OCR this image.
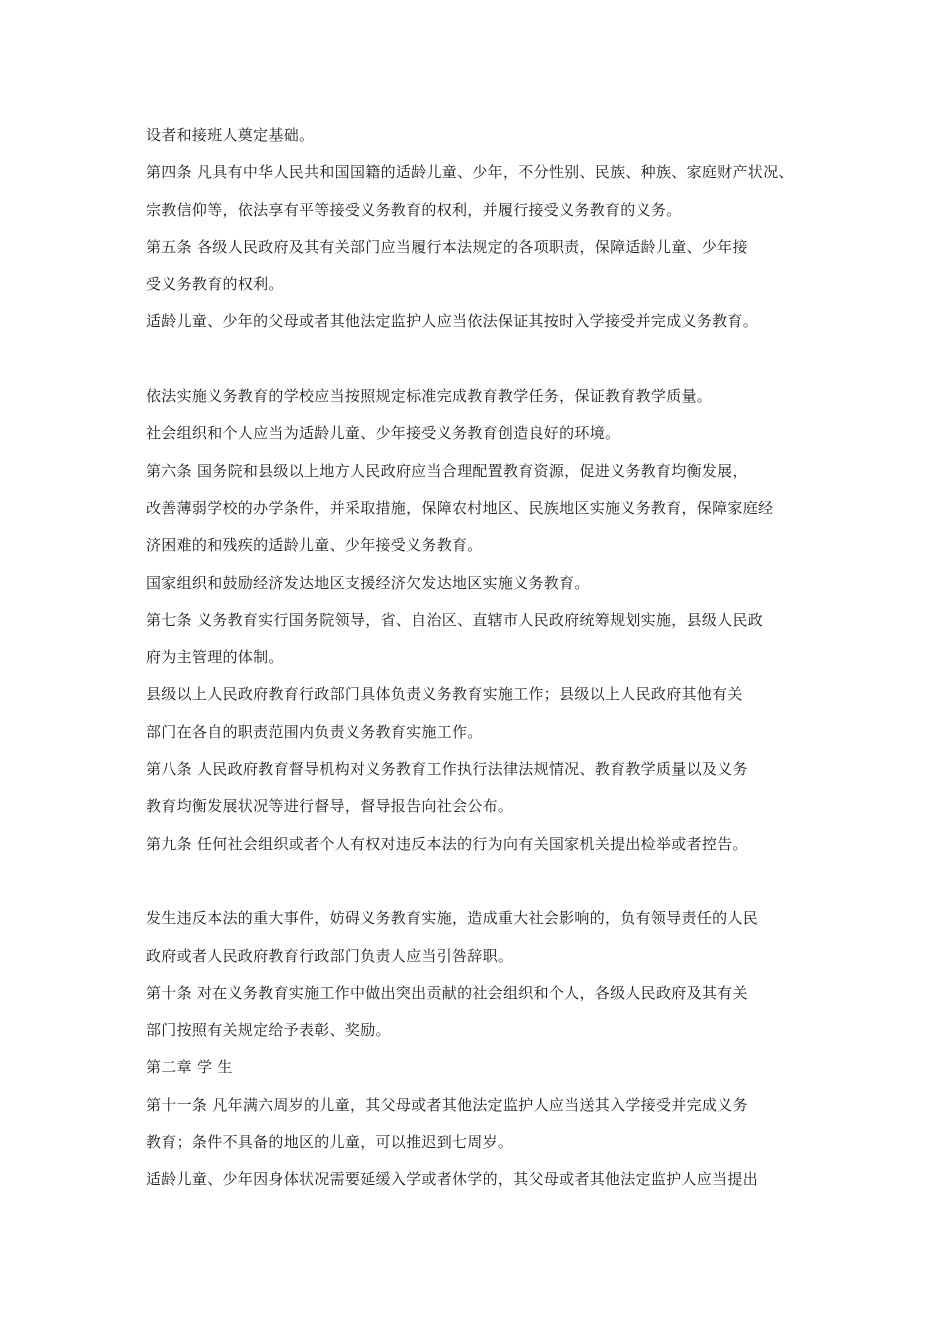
设者和接班人奠定基础。
第四条 凡具有中华人民共和国国籍的适龄儿童、少年，不分性别、民族、种族、家庭财产状况、
宗教信仰等，依法享有平等接受义务教育的权利，并履行接受义务教育的义务。
第五条 各级人民政府及其有关部门应当履行本法规定的各项职责，保障适龄儿童、少年接
受义务教育的权利。
适龄儿童、少年的父母或者其他法定监护人应当依法保证其按时入学接受并完成义务教育。
依法实施义务教育的学校应当按照规定标准完成教育教学任务，保证教育教学质量。
社会组织和个人应当为适龄儿童、少年接受义务教育创造良好的环境。
第六条 国务院和县级以上地方人民政府应当合理配置教育资源，促进义务教育均衡发展，
改善薄弱学校的办学条件，并采取措施，保障农村地区、民族地区实施义务教育，保障家庭经
济困难的和残疾的适龄儿童、少年接受义务教育。
国家组织和鼓励经济发达地区支援经济欠发达地区实施义务教育。
第七条 义务教育实行国务院领导，省、自治区、直辖市人民政府统筹规划实施，县级人民政
府为主管理的体制。
县级以上人民政府教育行政部门具体负责义务教育实施工作；县级以上人民政府其他有关
部门在各自的职责范围内负责义务教育实施工作。
第八条 人民政府教育督导机构对义务教育工作执行法律法规情况、教育教学质量以及义务
教育均衡发展状况等进行督导，督导报告向社会公布。
第九条 任何社会组织或者个人有权对违反本法的行为向有关国家机关提出检举或者控告。
发生违反本法的重大事件，妨碍义务教育实施，造成重大社会影响的，负有领导责任的人民
政府或者人民政府教育行政部门负责人应当引咎辞职。
第十条 对在义务教育实施工作中做出突出贡献的社会组织和个人，各级人民政府及其有关
部门按照有关规定给予表彰、奖励。
第二章 学 生
第十一条 凡年满六周岁的儿童，其父母或者其他法定监护人应当送其入学接受并完成义务
教育；条件不具备的地区的儿童，可以推迟到七周岁。
适龄儿童、少年因身体状况需要延缓入学或者休学的，其父母或者其他法定监护人应当提出
